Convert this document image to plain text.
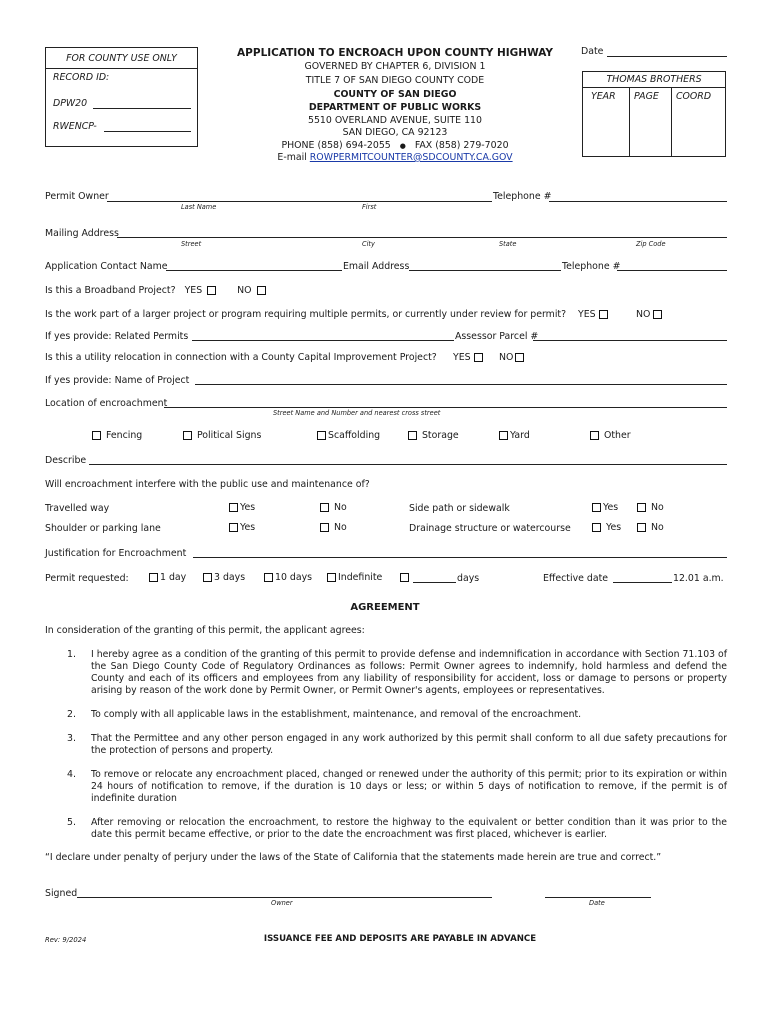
FOR COUNTY USE ONLY
RECORD ID:
DPW20
RWENCP-
APPLICATION TO ENCROACH UPON COUNTY HIGHWAY
GOVERNED BY CHAPTER 6, DIVISION 1
TITLE 7 OF SAN DIEGO COUNTY CODE
COUNTY OF SAN DIEGO
DEPARTMENT OF PUBLIC WORKS
5510 OVERLAND AVENUE, SUITE 110
SAN DIEGO, CA 92123
PHONE (858) 694-2055 ● FAX (858) 279-7020
E-mail ROWPERMITCOUNTER@SDCOUNTY.CA.GOV
Date
THOMAS BROTHERS
YEAR PAGE COORD
Permit Owner	Telephone #
Last Name	First
Mailing Address
Street	City	State	Zip Code
Application Contact Name	Email Address	Telephone #
Is this a Broadband Project? YES	NO
Is the work part of a larger project or program requiring multiple permits, or currently under review for permit? YES	NO
If yes provide: Related Permits	Assessor Parcel #
Is this a utility relocation in connection with a County Capital Improvement Project? YES	NO
If yes provide: Name of Project
Location of encroachment
Street Name and Number and nearest cross street
Fencing	Political Signs	Scaffolding	Storage	Yard	Other
Describe
Will encroachment interfere with the public use and maintenance of?
Travelled way	Yes	No	Side path or sidewalk	Yes	No
Shoulder or parking lane	Yes	No	Drainage structure or watercourse	Yes	No
Justification for Encroachment
Permit requested:	1 day	3 days	10 days	Indefinite	days	Effective date	12.01 a.m.
AGREEMENT
In consideration of the granting of this permit, the applicant agrees:
1. I hereby agree as a condition of the granting of this permit to provide defense and indemnification in accordance with Section 71.103 of the San Diego County Code of Regulatory Ordinances as follows: Permit Owner agrees to indemnify, hold harmless and defend the County and each of its officers and employees from any liability of responsibility for accident, loss or damage to persons or property arising by reason of the work done by Permit Owner, or Permit Owner's agents, employees or representatives.
2. To comply with all applicable laws in the establishment, maintenance, and removal of the encroachment.
3. That the Permittee and any other person engaged in any work authorized by this permit shall conform to all due safety precautions for the protection of persons and property.
4. To remove or relocate any encroachment placed, changed or renewed under the authority of this permit; prior to its expiration or within 24 hours of notification to remove, if the duration is 10 days or less; or within 5 days of notification to remove, if the permit is of indefinite duration
5. After removing or relocation the encroachment, to restore the highway to the equivalent or better condition than it was prior to the date this permit became effective, or prior to the date the encroachment was first placed, whichever is earlier.
“I declare under penalty of perjury under the laws of the State of California that the statements made herein are true and correct.”
Signed
Owner	Date
Rev: 9/2024	ISSUANCE FEE AND DEPOSITS ARE PAYABLE IN ADVANCE
